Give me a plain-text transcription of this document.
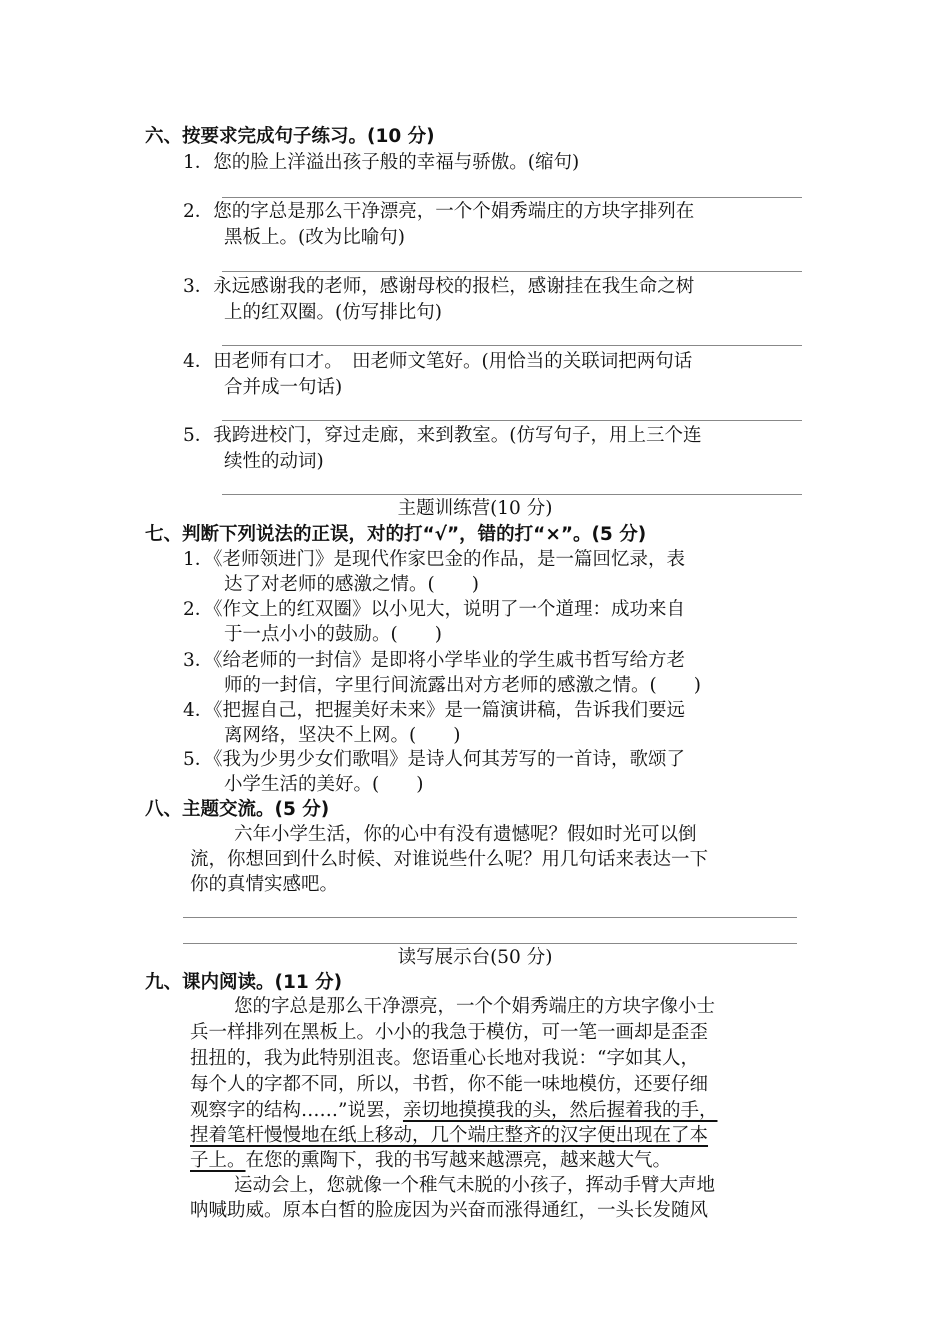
六、按要求完成句子练习。(10 分)
1．您的脸上洋溢出孩子般的幸福与骄傲。(缩句)
2．您的字总是那么干净漂亮，一个个娟秀端庄的方块字排列在
黑板上。(改为比喻句)
3．永远感谢我的老师，感谢母校的报栏，感谢挂在我生命之树
上的红双圈。(仿写排比句)
4．田老师有口才。　田老师文笔好。(用恰当的关联词把两句话
合并成一句话)
5．我跨进校门，穿过走廊，来到教室。(仿写句子，用上三个连
续性的动词)
主题训练营(10 分)
七、判断下列说法的正误，对的打“√”，错的打“×”。(5 分)
1．《老师领进门》是现代作家巴金的作品，是一篇回忆录，表
达了对老师的感激之情。(　　)
2．《作文上的红双圈》以小见大，说明了一个道理：成功来自
于一点小小的鼓励。(　　)
3．《给老师的一封信》是即将小学毕业的学生戚书哲写给方老
师的一封信，字里行间流露出对方老师的感激之情。(　　)
4．《把握自己，把握美好未来》是一篇演讲稿，告诉我们要远
离网络，坚决不上网。(　　)
5．《我为少男少女们歌唱》是诗人何其芳写的一首诗，歌颂了
小学生活的美好。(　　)
八、主题交流。(5 分)
六年小学生活，你的心中有没有遗憾呢？假如时光可以倒
流，你想回到什么时候、对谁说些什么呢？用几句话来表达一下
你的真情实感吧。
读写展示台(50 分)
九、课内阅读。(11 分)
您的字总是那么干净漂亮，一个个娟秀端庄的方块字像小士
兵一样排列在黑板上。小小的我急于模仿，可一笔一画却是歪歪
扭扭的，我为此特别沮丧。您语重心长地对我说：“字如其人，
每个人的字都不同，所以，书哲，你不能一味地模仿，还要仔细
观察字的结构……”说罢，亲切地摸摸我的头，然后握着我的手，
捏着笔杆慢慢地在纸上移动，几个端庄整齐的汉字便出现在了本
子上。在您的熏陶下，我的书写越来越漂亮，越来越大气。
运动会上，您就像一个稚气未脱的小孩子，挥动手臂大声地
呐喊助威。原本白皙的脸庞因为兴奋而涨得通红，一头长发随风
